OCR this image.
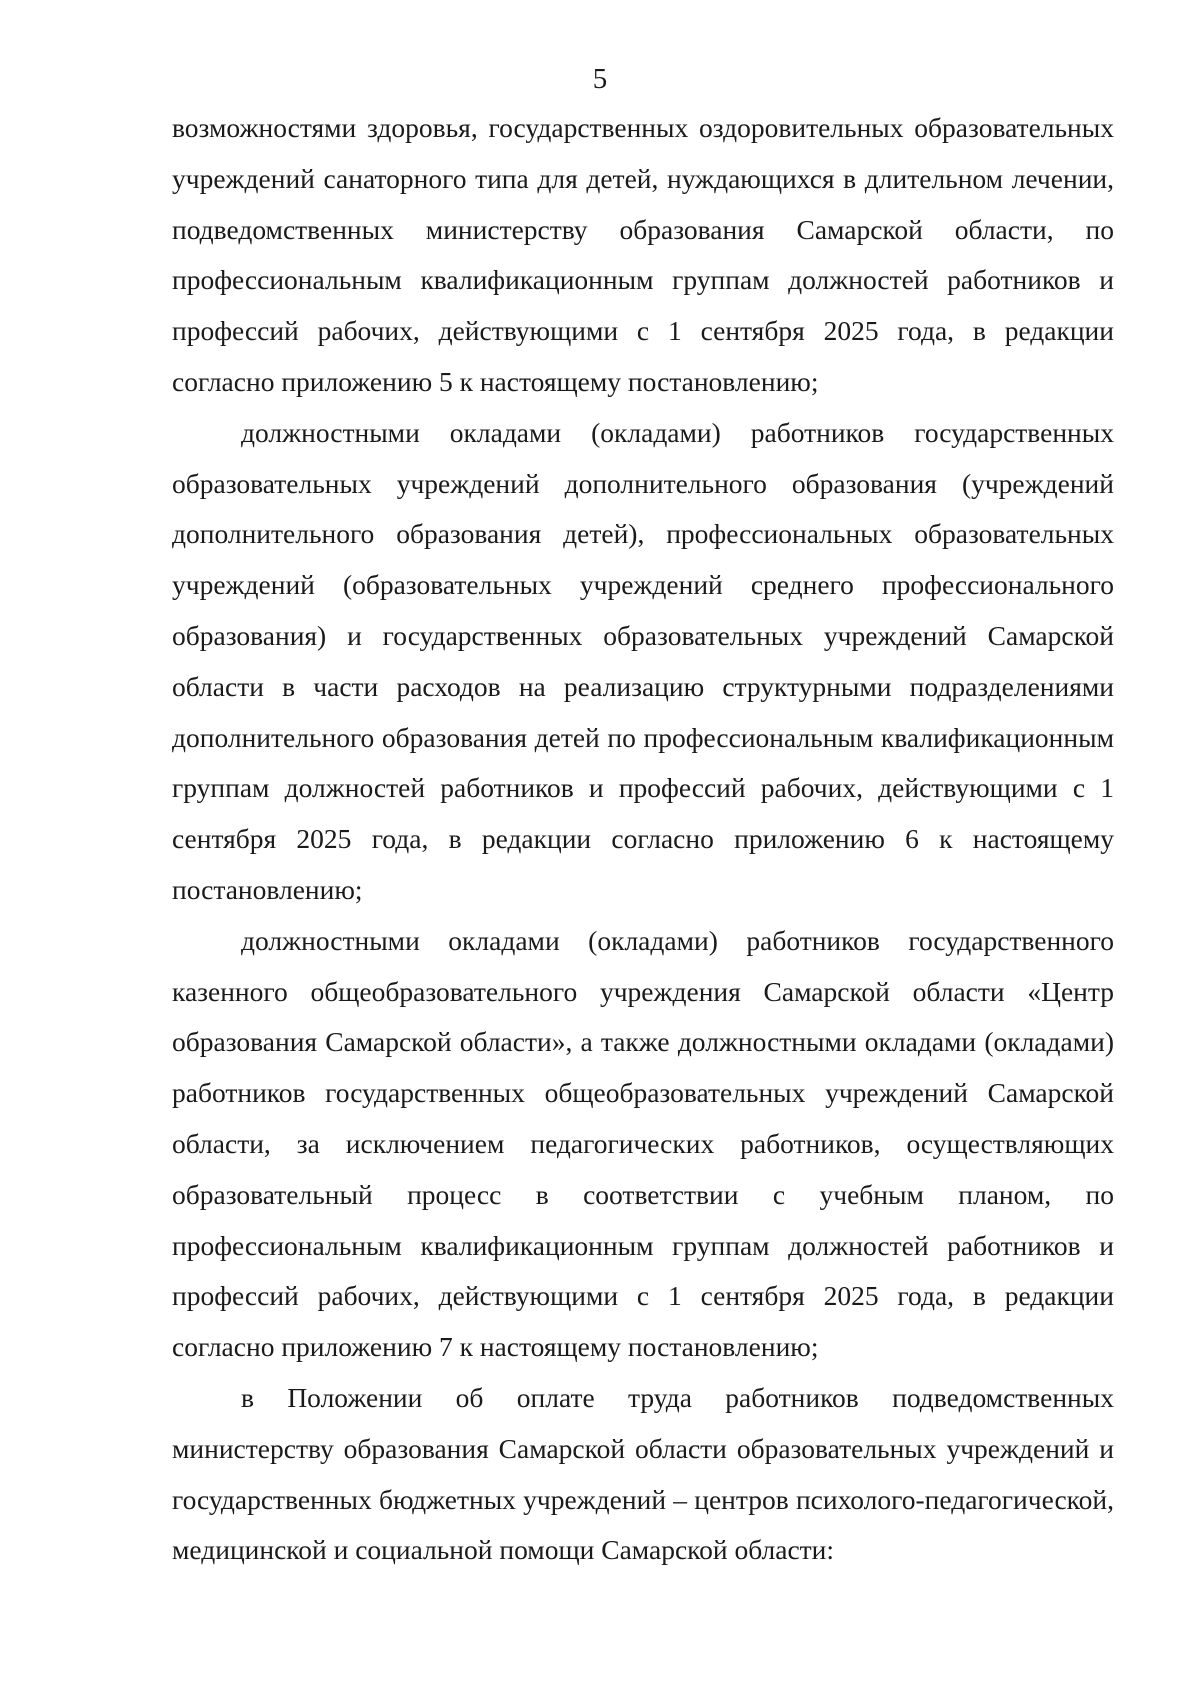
5

возможностями здоровья, государственных оздоровительных образовательных учреждений санаторного типа для детей, нуждающихся в длительном лечении, подведомственных министерству образования Самарской области, по профессиональным квалификационным группам должностей работников и профессий рабочих, действующими с 1 сентября 2025 года, в редакции согласно приложению 5 к настоящему постановлению;

должностными окладами (окладами) работников государственных образовательных учреждений дополнительного образования (учреждений дополнительного образования детей), профессиональных образовательных учреждений (образовательных учреждений среднего профессионального образования) и государственных образовательных учреждений Самарской области в части расходов на реализацию структурными подразделениями дополнительного образования детей по профессиональным квалификационным группам должностей работников и профессий рабочих, действующими с 1 сентября 2025 года, в редакции согласно приложению 6 к настоящему постановлению;

должностными окладами (окладами) работников государственного казенного общеобразовательного учреждения Самарской области «Центр образования Самарской области», а также должностными окладами (окладами) работников государственных общеобразовательных учреждений Самарской области, за исключением педагогических работников, осуществляющих образовательный процесс в соответствии с учебным планом, по профессиональным квалификационным группам должностей работников и профессий рабочих, действующими с 1 сентября 2025 года, в редакции согласно приложению 7 к настоящему постановлению;

в Положении об оплате труда работников подведомственных министерству образования Самарской области образовательных учреждений и государственных бюджетных учреждений – центров психолого-педагогической, медицинской и социальной помощи Самарской области:
